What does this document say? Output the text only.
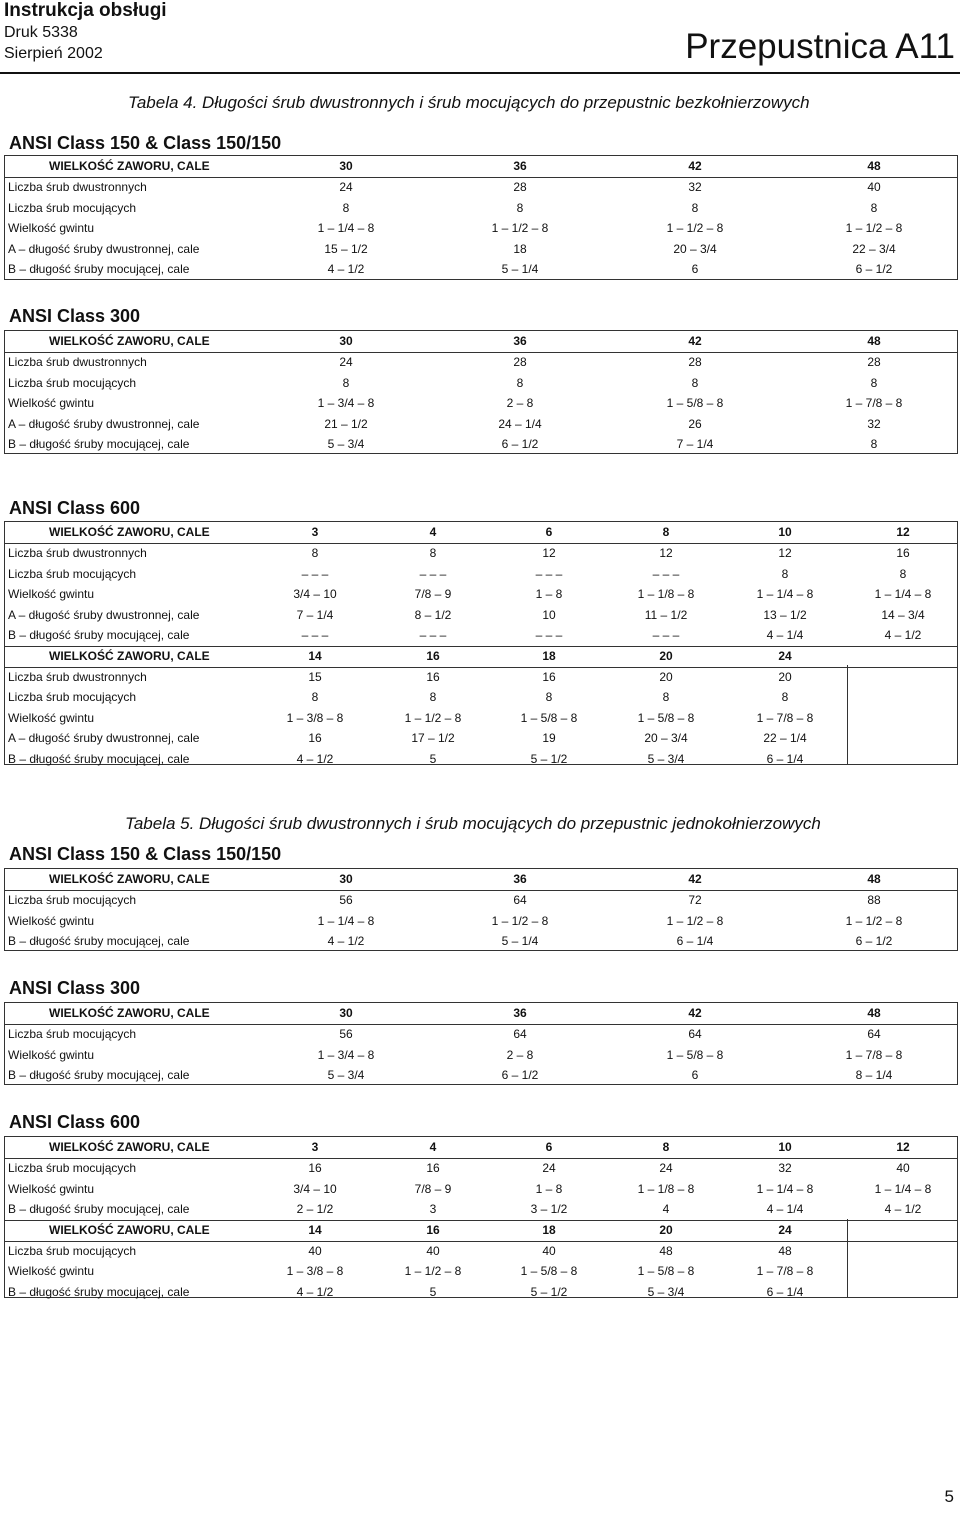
Instrukcja obsługi
Druk 5338
Sierpień 2002	Przepustnica A11
Tabela 4. Długości śrub dwustronnych i śrub mocujących do przepustnic bezkołnierzowych
Tabela 5. Długości śrub dwustronnych i śrub mocujących do przepustnic jednokołnierzowych
ANSI Class 150 & Class 150/150
WIELKOŚĆ ZAWORU, CALE	30	36	42	48
Liczba śrub dwustronnych	24	28	32	40
Liczba śrub mocujących	8	8	8	8
Wielkość gwintu	1 – 1/4 – 8	1 – 1/2 – 8	1 – 1/2 – 8	1 – 1/2 – 8
A – długość śruby dwustronnej, cale	15 – 1/2	18	20 – 3/4	22 – 3/4
B – długość śruby mocującej, cale	4 – 1/2	5 – 1/4	6	6 – 1/2
ANSI Class 300
WIELKOŚĆ ZAWORU, CALE	30	36	42	48
Liczba śrub dwustronnych	24	28	28	28
Liczba śrub mocujących	8	8	8	8
Wielkość gwintu	1 – 3/4 – 8	2 – 8	1 – 5/8 – 8	1 – 7/8 – 8
A – długość śruby dwustronnej, cale	21 – 1/2	24 – 1/4	26	32
B – długość śruby mocującej, cale	5 – 3/4	6 – 1/2	7 – 1/4	8
ANSI Class 600
WIELKOŚĆ ZAWORU, CALE	3	4	6	8	10	12
Liczba śrub dwustronnych	8	8	12	12	12	16
Liczba śrub mocujących	– – –	– – –	– – –	– – –	8	8
Wielkość gwintu	3/4 – 10	7/8 – 9	1 – 8	1 – 1/8 – 8	1 – 1/4 – 8	1 – 1/4 – 8
A – długość śruby dwustronnej, cale	7 – 1/4	8 – 1/2	10	11 – 1/2	13 – 1/2	14 – 3/4
B – długość śruby mocującej, cale	– – –	– – –	– – –	– – –	4 – 1/4	4 – 1/2
WIELKOŚĆ ZAWORU, CALE	14	16	18	20	24
Liczba śrub dwustronnych	15	16	16	20	20
Liczba śrub mocujących	8	8	8	8	8
Wielkość gwintu	1 – 3/8 – 8	1 – 1/2 – 8	1 – 5/8 – 8	1 – 5/8 – 8	1 – 7/8 – 8
A – długość śruby dwustronnej, cale	16	17 – 1/2	19	20 – 3/4	22 – 1/4
B – długość śruby mocującej, cale	4 – 1/2	5	5 – 1/2	5 – 3/4	6 – 1/4
ANSI Class 150 & Class 150/150
WIELKOŚĆ ZAWORU, CALE	30	36	42	48
Liczba śrub mocujących	56	64	72	88
Wielkość gwintu	1 – 1/4 – 8	1 – 1/2 – 8	1 – 1/2 – 8	1 – 1/2 – 8
B – długość śruby mocującej, cale	4 – 1/2	5 – 1/4	6 – 1/4	6 – 1/2
ANSI Class 300
WIELKOŚĆ ZAWORU, CALE	30	36	42	48
Liczba śrub mocujących	56	64	64	64
Wielkość gwintu	1 – 3/4 – 8	2 – 8	1 – 5/8 – 8	1 – 7/8 – 8
B – długość śruby mocującej, cale	5 – 3/4	6 – 1/2	6	8 – 1/4
ANSI Class 600
WIELKOŚĆ ZAWORU, CALE	3	4	6	8	10	12
Liczba śrub mocujących	16	16	24	24	32	40
Wielkość gwintu	3/4 – 10	7/8 – 9	1 – 8	1 – 1/8 – 8	1 – 1/4 – 8	1 – 1/4 – 8
B – długość śruby mocującej, cale	2 – 1/2	3	3 – 1/2	4	4 – 1/4	4 – 1/2
WIELKOŚĆ ZAWORU, CALE	14	16	18	20	24
Liczba śrub mocujących	40	40	40	48	48
Wielkość gwintu	1 – 3/8 – 8	1 – 1/2 – 8	1 – 5/8 – 8	1 – 5/8 – 8	1 – 7/8 – 8
B – długość śruby mocującej, cale	4 – 1/2	5	5 – 1/2	5 – 3/4	6 – 1/4
5
